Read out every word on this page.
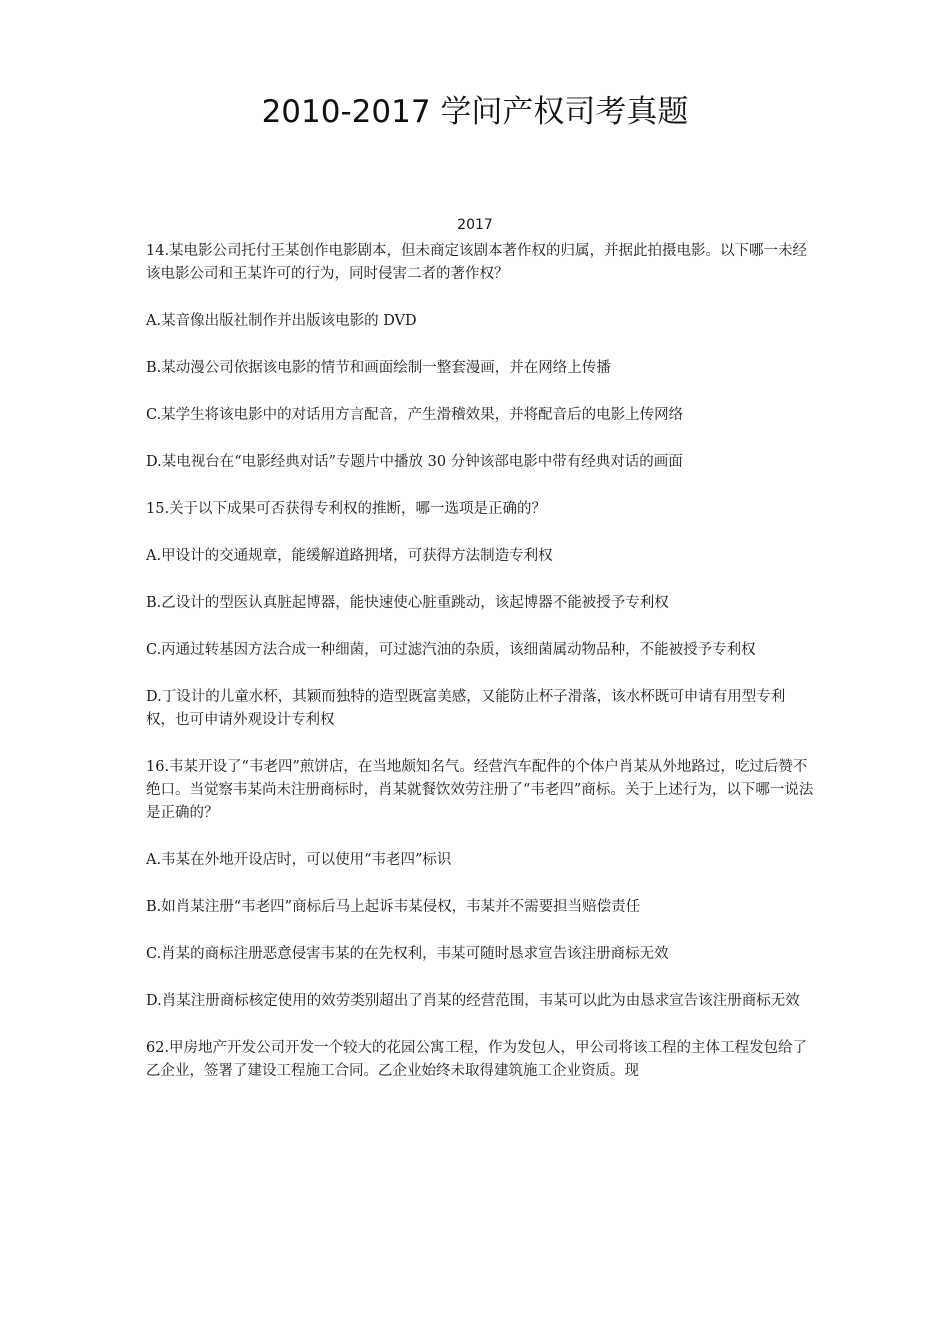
2010-2017 学问产权司考真题
2017

14.某电影公司托付王某创作电影剧本，但未商定该剧本著作权的归属，并据此拍摄电影。以下哪一未经该电影公司和王某许可的行为，同时侵害二者的著作权？

A.某音像出版社制作并出版该电影的 DVD

B.某动漫公司依据该电影的情节和画面绘制一整套漫画，并在网络上传播

C.某学生将该电影中的对话用方言配音，产生滑稽效果，并将配音后的电影上传网络

D.某电视台在“电影经典对话”专题片中播放 30 分钟该部电影中带有经典对话的画面

15.关于以下成果可否获得专利权的推断，哪一选项是正确的？

A.甲设计的交通规章，能缓解道路拥堵，可获得方法制造专利权

B.乙设计的型医认真脏起博器，能快速使心脏重跳动，该起博器不能被授予专利权

C.丙通过转基因方法合成一种细菌，可过滤汽油的杂质，该细菌属动物品种，不能被授予专利权

D.丁设计的儿童水杯，其颖而独特的造型既富美感，又能防止杯子滑落，该水杯既可申请有用型专利权，也可申请外观设计专利权

16.韦某开设了“韦老四”煎饼店，在当地颇知名气。经营汽车配件的个体户肖某从外地路过，吃过后赞不绝口。当觉察韦某尚未注册商标时，肖某就餐饮效劳注册了“韦老四”商标。关于上述行为，以下哪一说法是正确的？

A.韦某在外地开设店时，可以使用“韦老四”标识

B.如肖某注册“韦老四”商标后马上起诉韦某侵权，韦某并不需要担当赔偿责任

C.肖某的商标注册恶意侵害韦某的在先权利，韦某可随时恳求宣告该注册商标无效

D.肖某注册商标核定使用的效劳类别超出了肖某的经营范围，韦某可以此为由恳求宣告该注册商标无效

62.甲房地产开发公司开发一个较大的花园公寓工程，作为发包人，甲公司将该工程的主体工程发包给了乙企业，签署了建设工程施工合同。乙企业始终未取得建筑施工企业资质。现
